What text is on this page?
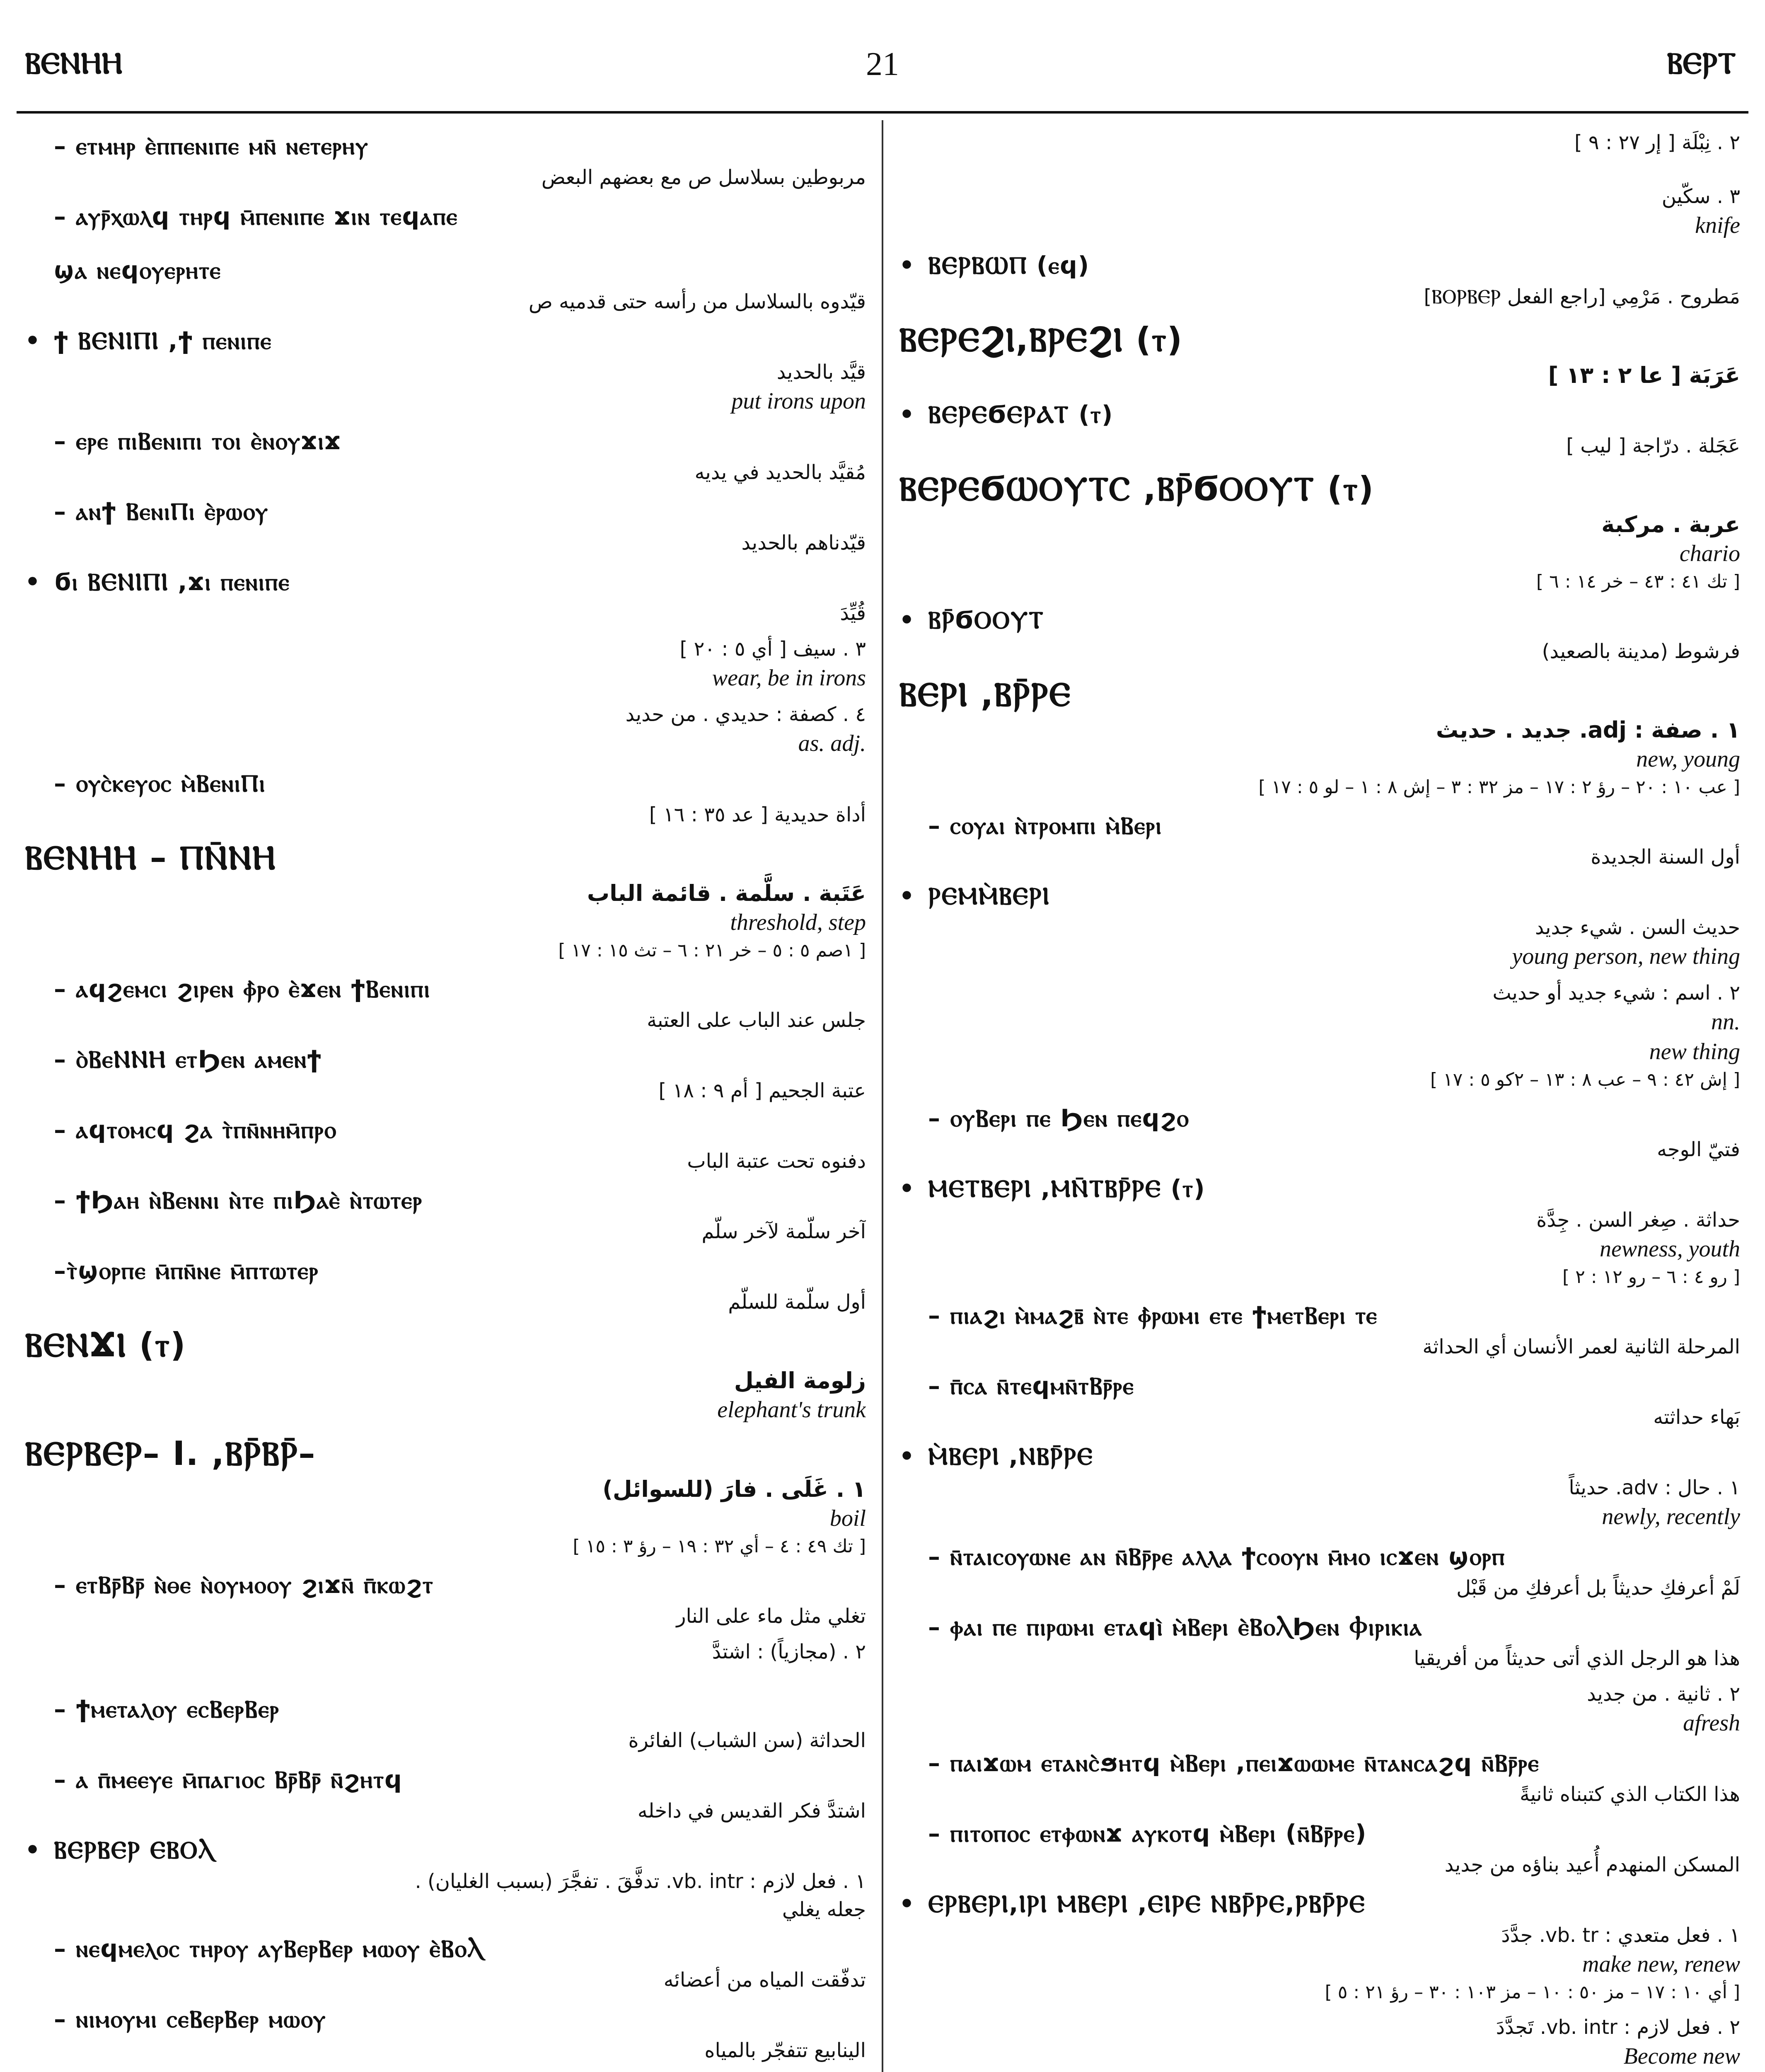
ⲂⲈⲚⲎⲎ	21	ⲂⲈⲢⲦ
– ⲉⲧⲙⲏⲣ ⲉ̀ⲡⲡⲉⲛⲓⲡⲉ ⲙⲛ̄ ⲛⲉⲧⲉⲣⲏⲩ
مربوطين بسلاسل ص مع بعضهم البعض
– ⲁⲩⲣ̄ⲭⲱⲗϥ ⲧⲏⲣϥ ⲙ̄ⲡⲉⲛⲓⲡⲉ ϫⲓⲛ ⲧⲉϥⲁⲡⲉ
ϣⲁ ⲛⲉϥⲟⲩⲉⲣⲏⲧⲉ
قيّدوه بالسلاسل من رأسه حتى قدميه ص
• ϯ ⲂⲈⲚⲒⲠⲒ ,ϯ ⲡⲉⲛⲓⲡⲉ
قيَّد بالحديد
put irons upon
– ⲉⲣⲉ ⲡⲓⲂⲉⲛⲓⲡⲓ ⲧⲟⲓ ⲉ̀ⲛⲟⲩϫⲓϫ
مُقيَّد بالحديد في يديه
– ⲁⲛϯ ⲂⲉⲛⲓⲠⲓ ⲉ̀ⲣⲱⲟⲩ
قيّدناهم بالحديد
• ϭⲓ ⲂⲈⲚⲒⲠⲒ ,ϫⲓ ⲡⲉⲛⲓⲡⲉ
قُيِّدَ
٣ . سيف [ أي ٥ : ٢٠ ]
wear, be in irons
٤ . كصفة : حديدي . من حديد
as. adj.
– ⲟⲩⲥ̀ⲕⲉⲩⲟⲥ ⲙ̀ⲂⲉⲛⲓⲠⲓ
أداة حديدية [ عد ٣٥ : ١٦ ]
ⲂⲈⲚⲎⲎ – ⲠⲚ̄ⲚⲎ
عَتَبة . سلَّمة . قائمة الباب
threshold, step
[ ١صم ٥ : ٥ – خر ٢١ : ٦ – تث ١٥ : ١٧ ]
– ⲁϥϩⲉⲙⲥⲓ ϩⲓⲣⲉⲛ ⲫ̀ⲣⲟ ⲉ̀ϫⲉⲛ ϯⲂⲉⲛⲓⲡⲓ
جلس عند الباب على العتبة
– ⲟ̀ⲂⲉⲚⲚⲎ ⲉⲧϦⲉⲛ ⲁⲙⲉⲛϯ
عتبة الجحيم [ أم ٩ : ١٨ ]
– ⲁϥⲧⲟⲙⲥϥ ϩⲁ ⲧ̀ⲡⲛ̄ⲛⲏⲙ̄ⲡⲣⲟ
دفنوه تحت عتبة الباب
– ϯϦⲁⲏ ⲛ̀Ⲃⲉⲛⲛⲓ ⲛ̀ⲧⲉ ⲡⲓϦⲁⲉ̀ ⲛ̀ⲧⲱⲧⲉⲣ
آخر سلّمة لآخر سلّم
–ⲧ̀ϣⲟⲣⲡⲉ ⲙ̄ⲡⲛ̄ⲛⲉ ⲙ̄ⲡⲧⲱⲧⲉⲣ
أول سلّمة للسلّم
ⲂⲈⲚϪⲒ (ⲧ)
زلومة الفيل
elephant's trunk
ⲂⲈⲢⲂⲈⲢ– I. ,ⲂⲢ̄ⲂⲢ̄–
١ . غَلَى . فارَ (للسوائل)
boil
[ تك ٤٩ : ٤ – أي ٣٢ : ١٩ – رؤ ٣ : ١٥ ]
– ⲉⲧⲂⲣ̄Ⲃⲣ̄ ⲛ̀ⲑⲉ ⲛ̀ⲟⲩⲙⲟⲟⲩ ϩⲓϫⲛ̄ ⲡ̄ⲕⲱϩⲧ
تغلي مثل ماء على النار
٢ . (مجازياً) : اشتدَّ
– ϯⲙⲉⲧⲁⲗⲟⲩ ⲉⲥⲂⲉⲣⲂⲉⲣ
الحداثة (سن الشباب) الفائرة
– ⲁ ⲡ̄ⲙⲉⲉⲩⲉ ⲙ̄ⲡⲁⲅⲓⲟⲥ Ⲃⲣ̄Ⲃⲣ̄ ⲛ̄ϩⲏⲧϥ
اشتدَّ فكر القديس في داخله
• ⲂⲈⲢⲂⲈⲢ ⲈⲂⲞⲖ
١ . فعل لازم : vb. intr. تدفَّقَ . تفجَّرَ (بسبب الغليان) . جعله يغلي
– ⲛⲉϥⲙⲉⲗⲟⲥ ⲧⲏⲣⲟⲩ ⲁⲩⲂⲉⲣⲂⲉⲣ ⲙⲱⲟⲩ ⲉ̀ⲂⲟⲖ
تدفّقت المياه من أعضائه
– ⲛⲓⲙⲟⲩⲙⲓ ⲥⲉⲂⲉⲣⲂⲉⲣ ⲙⲱⲟⲩ
الينابيع تتفجّر بالمياه
٢ . نِبْلَة [ إر ٢٧ : ٩ ]
٣ . سكّين
knife
• ⲂⲈⲢⲂⲰⲠ (ⲉϥ)
مَطروح . مَرْمِي [راجع الفعل ⲂⲞⲢⲂⲈⲢ]
ⲂⲈⲢⲈϨⲒ,ⲂⲢⲈϨⲒ (ⲧ)
عَرَبَة [ عا ٢ : ١٣ ]
• ⲂⲈⲢⲈϬⲈⲢⲀⲦ (ⲧ)
عَجَلة . درّاجة [ ليب ]
ⲂⲈⲢⲈϬⲰⲞⲨⲦⲤ ,ⲂⲢ̄ϬⲞⲞⲨⲦ (ⲧ)
عربة . مركبة
chario
[ تك ٤١ : ٤٣ – خر ١٤ : ٦ ]
• ⲂⲢ̄ϬⲞⲞⲨⲦ
فرشوط (مدينة بالصعيد)
ⲂⲈⲢⲒ ,ⲂⲢ̄ⲢⲈ
١ . صفة : adj. جديد . حديث
new, young
[ عب ١٠ : ٢٠ – رؤ ٢ : ١٧ – مز ٣٢ : ٣ – إش ٨ : ١ – لو ٥ : ١٧ ]
– ⲥⲟⲩⲁⲓ ⲛ̀ⲧⲣⲟⲙⲡⲓ ⲙ̀Ⲃⲉⲣⲓ
أول السنة الجديدة
• ⲢⲈⲘⲘ̀ⲂⲈⲢⲒ
حديث السن . شيء جديد
young person, new thing
٢ . اسم : شيء جديد أو حديث
nn.
new thing
[ إش ٤٢ : ٩ – عب ٨ : ١٣ – ٢كو ٥ : ١٧ ]
– ⲟⲩⲂⲉⲣⲓ ⲡⲉ Ϧⲉⲛ ⲡⲉϥϩⲟ
فتيّ الوجه
• ⲘⲈⲦⲂⲈⲢⲒ ,ⲘⲚ̄ⲦⲂⲢ̄ⲢⲈ (ⲧ)
حداثة . صِغر السن . جِدَّة
newness, youth
[ رو ٤ : ٦ – رو ١٢ : ٢ ]
– ⲡⲓⲁϩⲓ ⲙ̀ⲙⲁϩⲃ̄ ⲛ̀ⲧⲉ ⲫ̀ⲣⲱⲙⲓ ⲉⲧⲉ ϯⲙⲉⲧⲂⲉⲣⲓ ⲧⲉ
المرحلة الثانية لعمر الأنسان أي الحداثة
– ⲡ̄ⲥⲁ ⲛ̄ⲧⲉϥⲙⲛ̄ⲧⲂⲣ̄ⲣⲉ
بَهاء حداثته
• Ⲙ̀ⲂⲈⲢⲒ ,ⲚⲂⲢ̄ⲢⲈ
١ . حال : adv. حديثاً
newly, recently
– ⲛ̄ⲧⲁⲓⲥⲟⲩⲱⲛⲉ ⲁⲛ ⲛ̄Ⲃⲣ̄ⲣⲉ ⲁⲗⲗⲁ ϯⲥⲟⲟⲩⲛ ⲙ̄ⲙⲟ ⲓⲥϫⲉⲛ ϣⲟⲣⲡ
لَمْ أعرفكِ حديثاً بل أعرفكِ من قَبْل
– ⲫⲁⲓ ⲡⲉ ⲡⲓⲣⲱⲙⲓ ⲉⲧⲁϥⲓ̀ ⲙ̀Ⲃⲉⲣⲓ ⲉ̀ⲂⲟⲖϦⲉⲛ Ⲫⲓⲣⲓⲕⲓⲁ
هذا هو الرجل الذي أتى حديثاً من أفريقيا
٢ . ثانية . من جديد
afresh
– ⲡⲁⲓϫⲱⲙ ⲉⲧⲁⲛⲥ̀ϧⲏⲧϥ ⲙ̀Ⲃⲉⲣⲓ ,ⲡⲉⲓϫⲱⲱⲙⲉ ⲛ̄ⲧⲁⲛⲥⲁϩϥ ⲛ̄Ⲃⲣ̄ⲣⲉ
هذا الكتاب الذي كتبناه ثانيةً
– ⲡⲓⲧⲟⲡⲟⲥ ⲉⲧⲫⲱⲛϫ ⲁⲩⲕⲟⲧϥ ⲙ̀Ⲃⲉⲣⲓ (ⲛ̄Ⲃⲣ̄ⲣⲉ)
المسكن المنهدم أُعيد بناؤه من جديد
• ⲈⲢⲂⲈⲢⲒ,ⲒⲢⲒ ⲘⲂⲈⲢⲒ ,ⲈⲒⲢⲈ ⲚⲂⲢ̄ⲢⲈ,ⲢⲂⲢ̄ⲢⲈ
١ . فعل متعدي : vb. tr. جدَّدَ
make new, renew
[ أي ١٠ : ١٧ – مز ٥٠ : ١٠ – مز ١٠٣ : ٣٠ – رؤ ٢١ : ٥ ]
٢ . فعل لازم : vb. intr. تَجدَّدَ
Become new
